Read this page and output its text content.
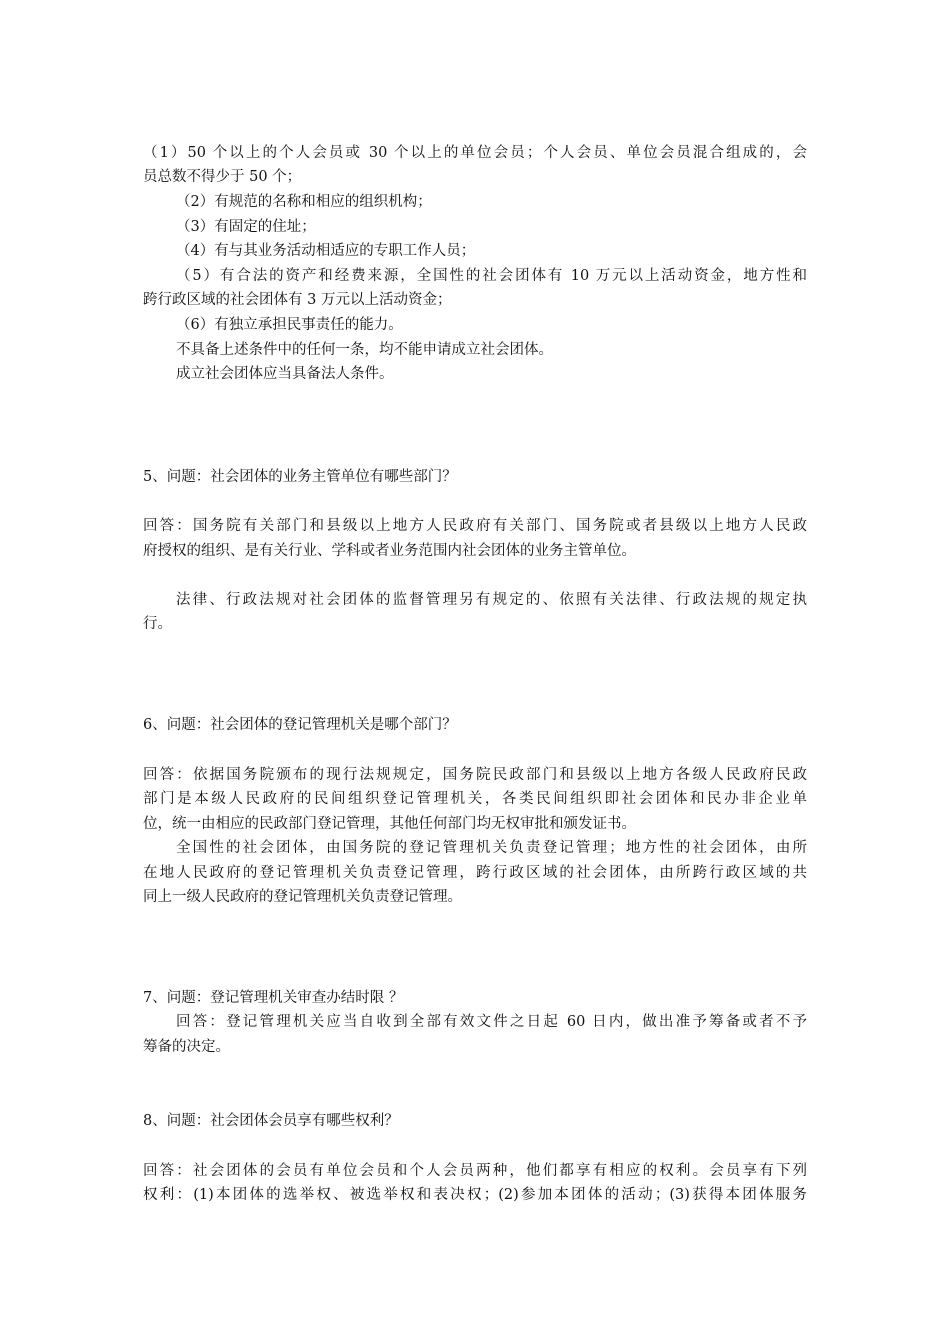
（1）50 个以上的个人会员或 30 个以上的单位会员；个人会员、单位会员混合组成的，会
员总数不得少于 50 个；
（2）有规范的名称和相应的组织机构；
（3）有固定的住址；
（4）有与其业务活动相适应的专职工作人员；
（5）有合法的资产和经费来源，全国性的社会团体有 10 万元以上活动资金，地方性和
跨行政区域的社会团体有 3 万元以上活动资金；
（6）有独立承担民事责任的能力。
不具备上述条件中的任何一条，均不能申请成立社会团体。
成立社会团体应当具备法人条件。
5、问题：社会团体的业务主管单位有哪些部门？
回答：国务院有关部门和县级以上地方人民政府有关部门、国务院或者县级以上地方人民政
府授权的组织、是有关行业、学科或者业务范围内社会团体的业务主管单位。
法律、行政法规对社会团体的监督管理另有规定的、依照有关法律、行政法规的规定执
行。
6、问题：社会团体的登记管理机关是哪个部门？
回答：依据国务院颁布的现行法规规定，国务院民政部门和县级以上地方各级人民政府民政
部门是本级人民政府的民间组织登记管理机关，各类民间组织即社会团体和民办非企业单
位，统一由相应的民政部门登记管理，其他任何部门均无权审批和颁发证书。
全国性的社会团体，由国务院的登记管理机关负责登记管理；地方性的社会团体，由所
在地人民政府的登记管理机关负责登记管理，跨行政区域的社会团体，由所跨行政区域的共
同上一级人民政府的登记管理机关负责登记管理。
7、问题：登记管理机关审查办结时限 ？
回答：登记管理机关应当自收到全部有效文件之日起 60 日内，做出准予筹备或者不予
筹备的决定。
8、问题：社会团体会员享有哪些权利？
回答：社会团体的会员有单位会员和个人会员两种，他们都享有相应的权利。会员享有下列
权利：(1)本团体的选举权、被选举权和表决权；(2)参加本团体的活动；(3)获得本团体服务
